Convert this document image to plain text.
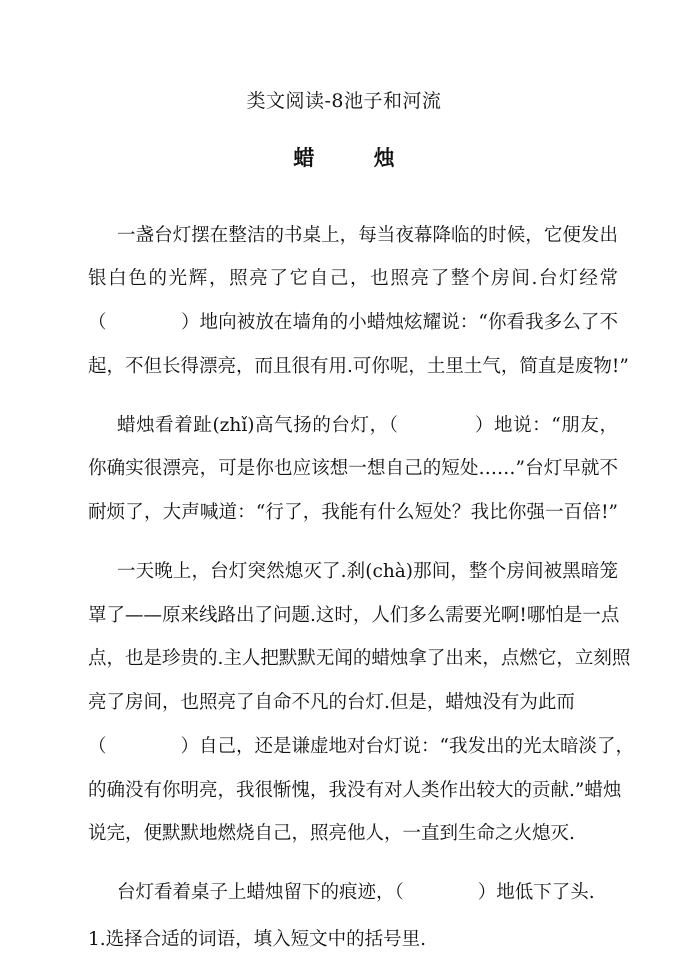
类文阅读-8池子和河流
蜡 烛
一盏台灯摆在整洁的书桌上，每当夜幕降临的时候，它便发出
银白色的光辉，照亮了它自己，也照亮了整个房间.台灯经常
（　　　　）地向被放在墙角的小蜡烛炫耀说：“你看我多么了不
起，不但长得漂亮，而且很有用.可你呢，土里土气，简直是废物!”
蜡烛看着趾(zhǐ)高气扬的台灯，（　　　　）地说：“朋友，
你确实很漂亮，可是你也应该想一想自己的短处……”台灯早就不
耐烦了，大声喊道：“行了，我能有什么短处？我比你强一百倍!”
一天晚上，台灯突然熄灭了.刹(chà)那间，整个房间被黑暗笼
罩了——原来线路出了问题.这时，人们多么需要光啊!哪怕是一点
点，也是珍贵的.主人把默默无闻的蜡烛拿了出来，点燃它，立刻照
亮了房间，也照亮了自命不凡的台灯.但是，蜡烛没有为此而
（　　　　）自己，还是谦虚地对台灯说：“我发出的光太暗淡了，
的确没有你明亮，我很惭愧，我没有对人类作出较大的贡献.”蜡烛
说完，便默默地燃烧自己，照亮他人，一直到生命之火熄灭.
台灯看着桌子上蜡烛留下的痕迹，（　　　　）地低下了头.
1.选择合适的词语，填入短文中的括号里.
